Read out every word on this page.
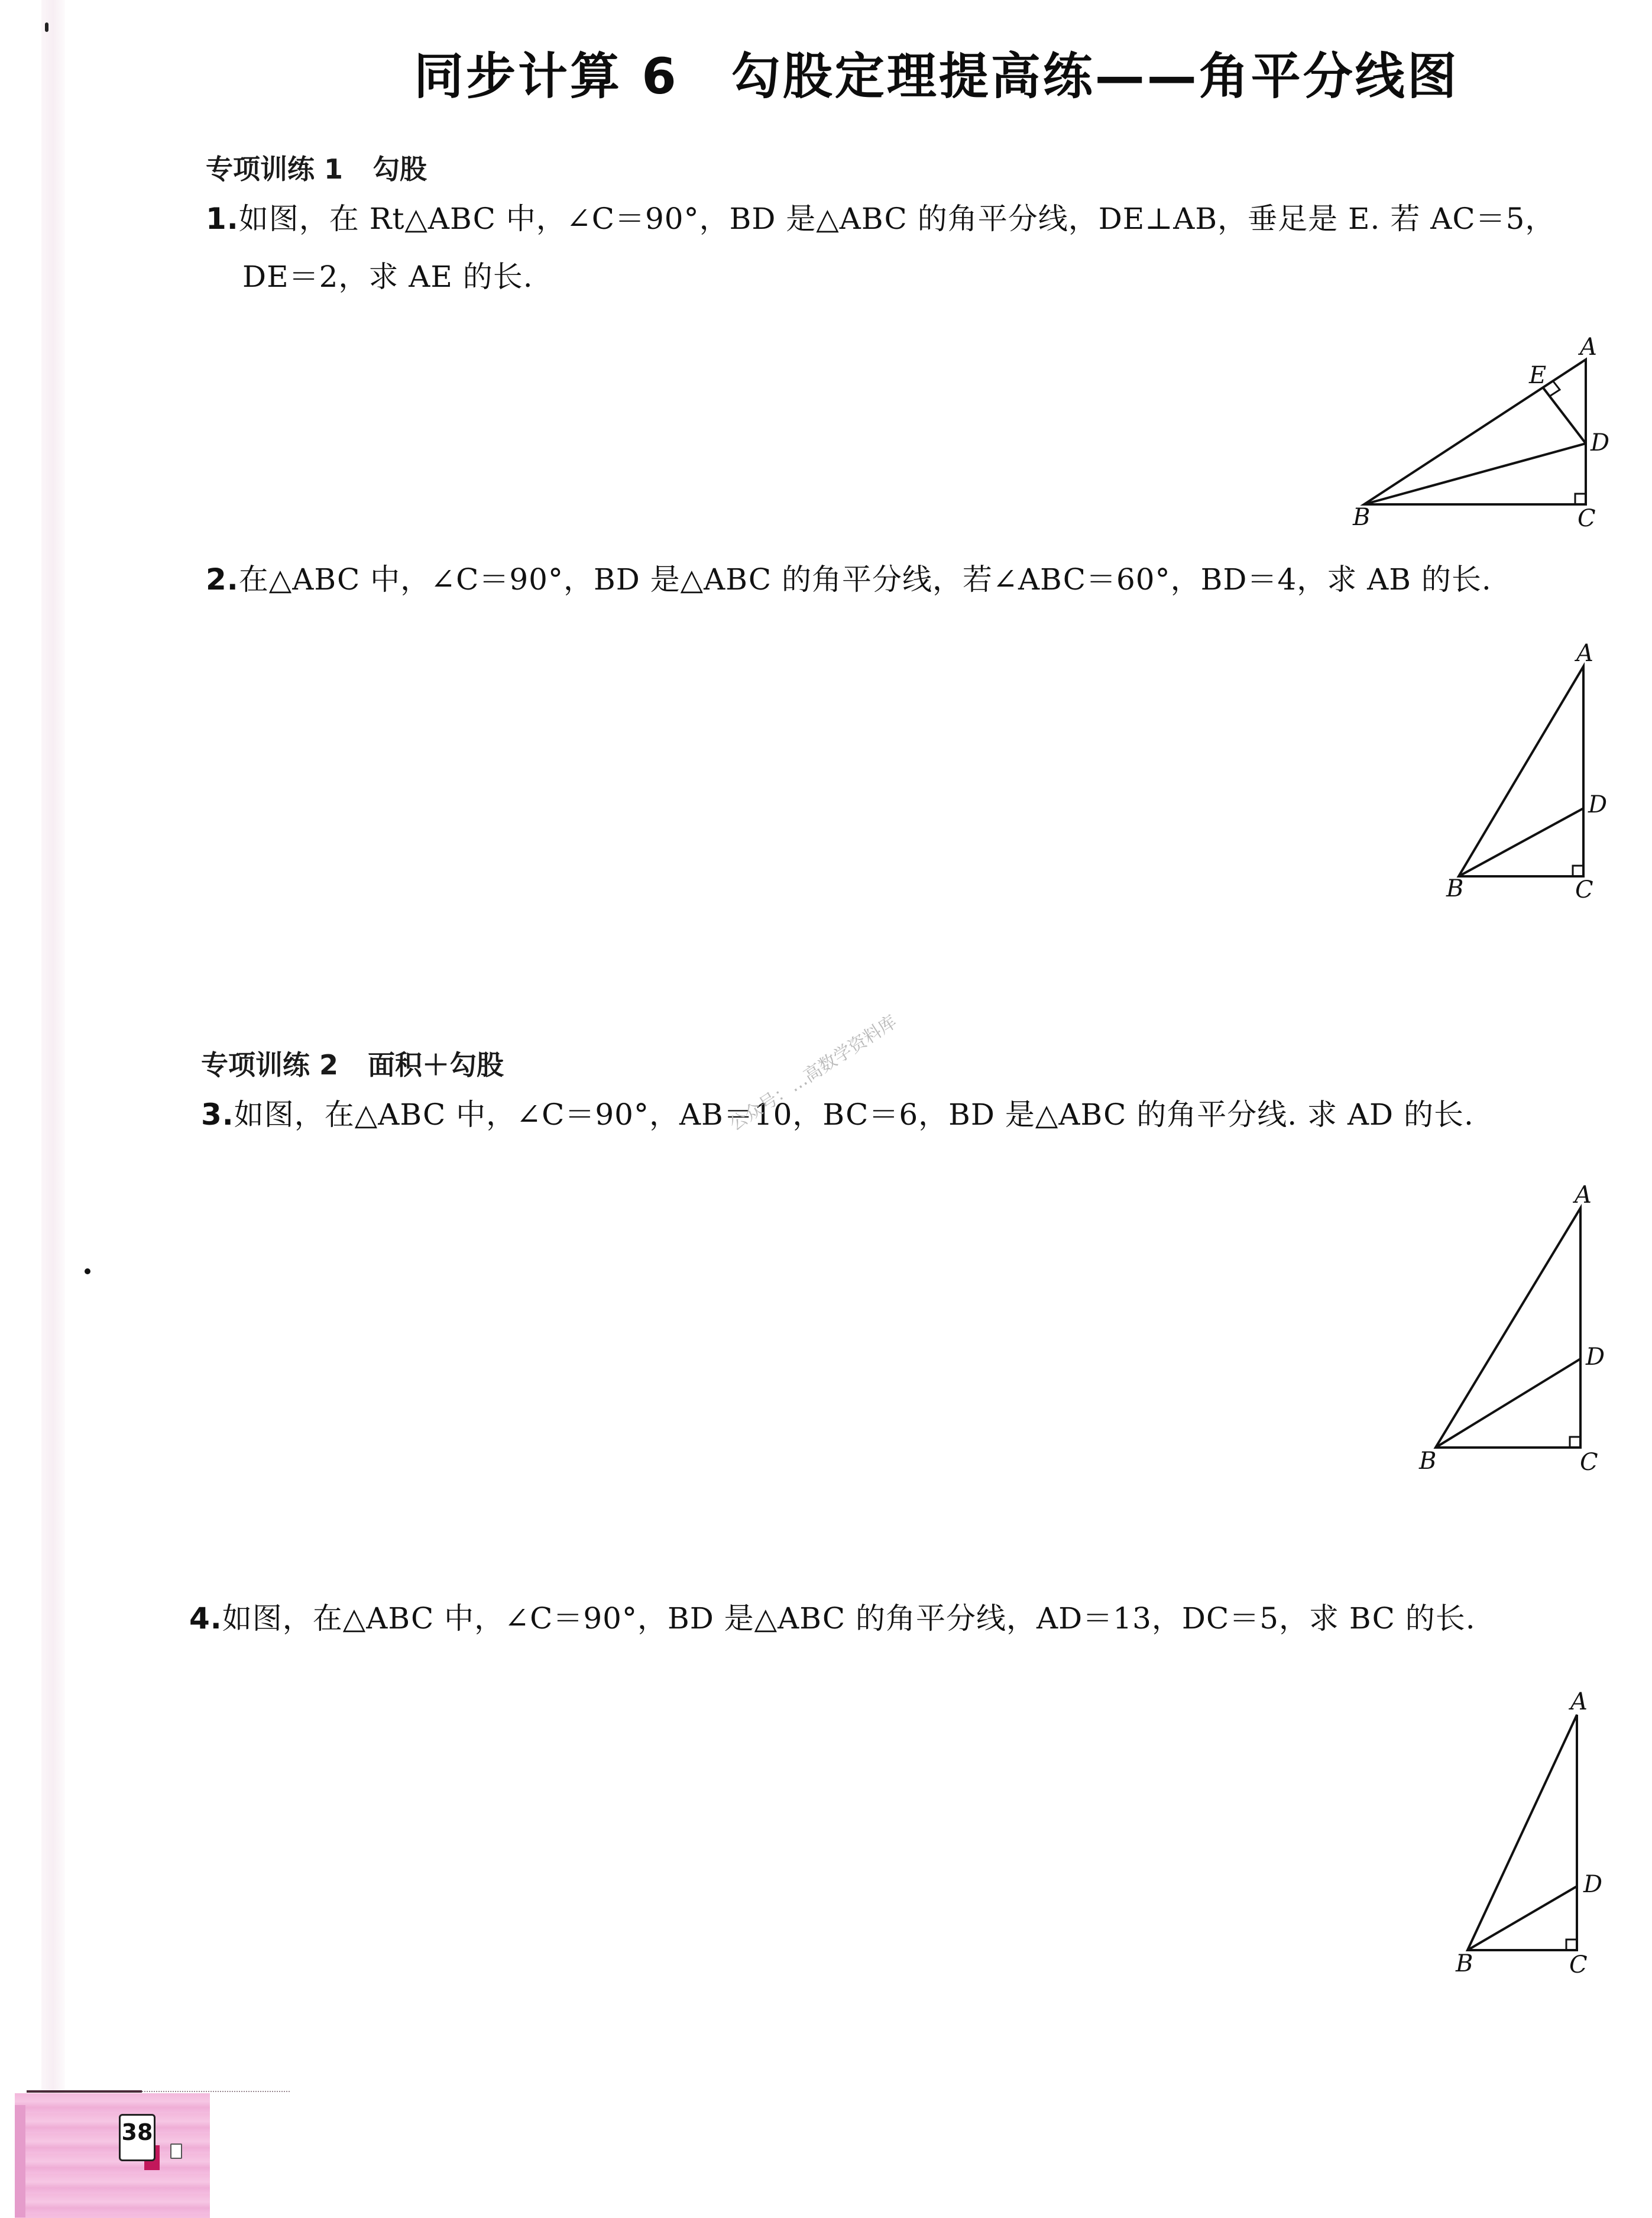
同步计算 6　勾股定理提高练——角平分线图
专项训练 1 勾股
1.如图，在 Rt△ABC 中，∠C＝90°，BD 是△ABC 的角平分线，DE⊥AB，垂足是 E. 若 AC＝5，
DE＝2，求 AE 的长.
A
E
D
B	C
2.在△ABC 中，∠C＝90°，BD 是△ABC 的角平分线，若∠ABC＝60°，BD＝4，求 AB 的长.
A
D
B	C
专项训练 2 面积＋勾股
3.如图，在△ABC 中，∠C＝90°，AB＝10，BC＝6，BD 是△ABC 的角平分线. 求 AD 的长.
公众号：…高数学资料库
A
D
B	C
4.如图，在△ABC 中，∠C＝90°，BD 是△ABC 的角平分线，AD＝13，DC＝5，求 BC 的长.
A
D
B	C
38
